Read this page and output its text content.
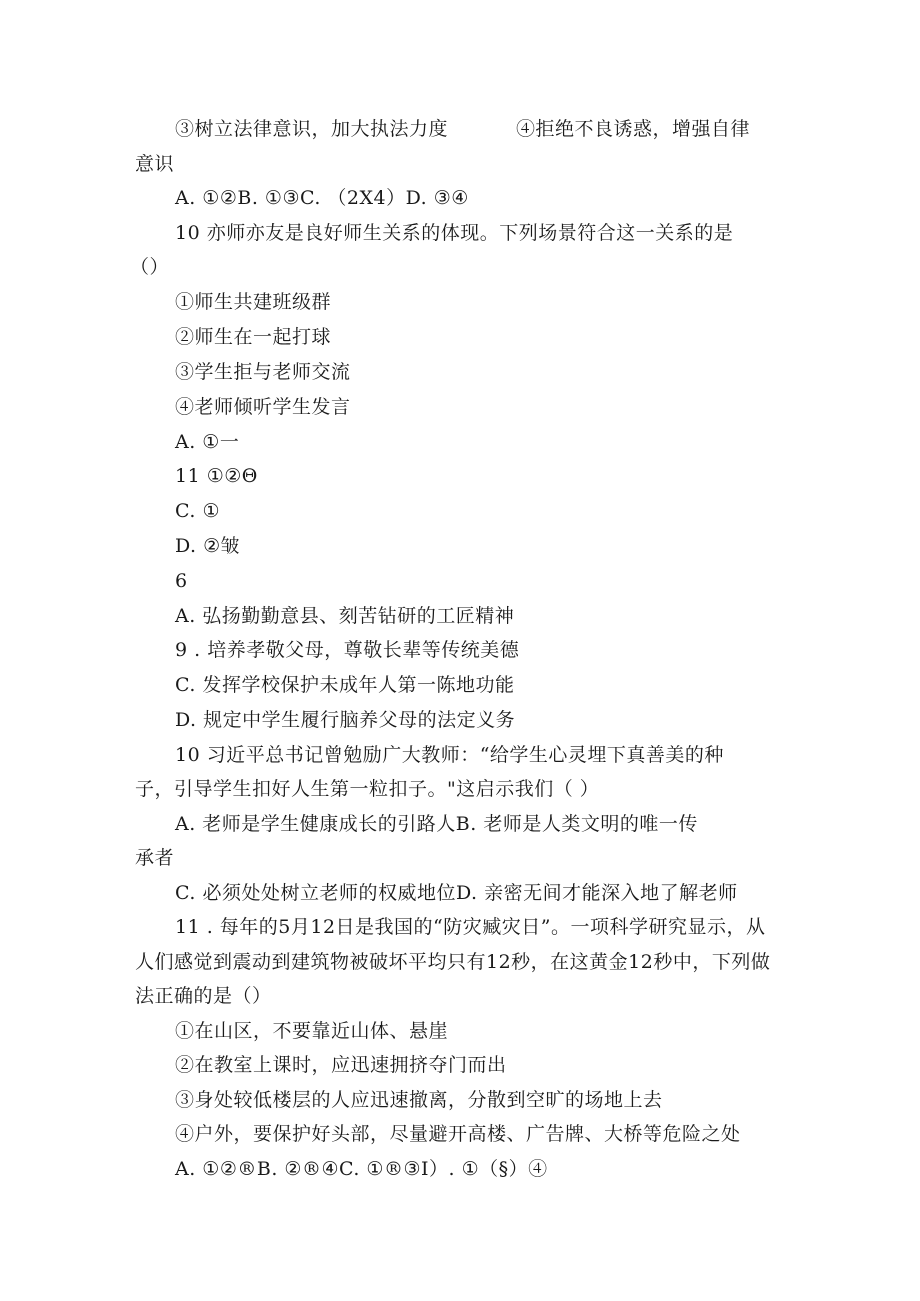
③树立法律意识，加大执法力度	④拒绝不良诱惑，增强自律
意识
A. ①②B. ①③C. （2X4）D. ③④
10 亦师亦友是良好师生关系的体现。下列场景符合这一关系的是
（）
①师生共建班级群
②师生在一起打球
③学生拒与老师交流
④老师倾听学生发言
A. ①一
11 ①②Θ
C. ①
D. ②皱
6
A. 弘扬勤勤意县、刻苦钻研的工匠精神
9 . 培养孝敬父母，尊敬长辈等传统美德
C. 发挥学校保护未成年人第一陈地功能
D. 规定中学生履行脑养父母的法定义务
10 习近平总书记曾勉励广大教师：“给学生心灵埋下真善美的种
子，引导学生扣好人生第一粒扣子。"这启示我们（ ）
A. 老师是学生健康成长的引路人B. 老师是人类文明的唯一传
承者
C. 必须处处树立老师的权威地位D. 亲密无间才能深入地了解老师
11 . 每年的5月12日是我国的“防灾臧灾日”。一项科学研究显示，从
人们感觉到震动到建筑物被破坏平均只有12秒，在这黄金12秒中，下列做
法正确的是（）
①在山区，不要靠近山体、悬崖
②在教室上课时，应迅速拥挤夺门而出
③身处较低楼层的人应迅速撤离，分散到空旷的场地上去
④户外，要保护好头部，尽量避开高楼、广告牌、大桥等危险之处
A. ①②®B. ②®④C. ①®③I）. ①（§）④
